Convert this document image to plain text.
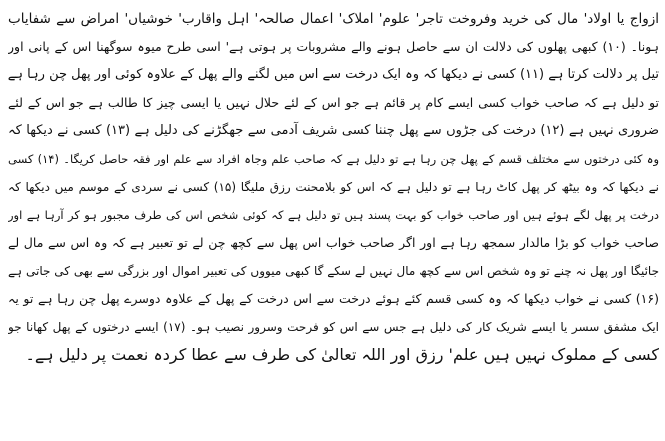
ازواج یا اولاد' مال کی خرید وفروخت تاجر' علوم' املاک' اعمال صالحہ' اہل واقارب' خوشیاں' امراض سے شفایاب
ہونا۔ (۱۰) کبھی پھلوں کی دلالت ان سے حاصل ہونے والے مشروبات پر ہوتی ہے' اسی طرح میوہ سوگھنا اس کے پانی اور
تیل پر دلالت کرتا ہے (۱۱) کسی نے دیکھا کہ وہ ایک درخت سے اس میں لگنے والے پھل کے علاوہ کوئی اور پھل چن رہا ہے
تو دلیل ہے کہ صاحب خواب کسی ایسے کام پر قائم ہے جو اس کے لئے حلال نہیں یا ایسی چیز کا طالب ہے جو اس کے لئے
ضروری نہیں ہے (۱۲) درخت کی جڑوں سے پھل چننا کسی شریف آدمی سے جھگڑنے کی دلیل ہے (۱۳) کسی نے دیکھا کہ
وہ کئی درختوں سے مختلف قسم کے پھل چن رہا ہے تو دلیل ہے کہ صاحب علم وجاہ افراد سے علم اور فقہ حاصل کریگا۔ (۱۴) کسی
نے دیکھا کہ وہ بیٹھ کر پھل کاٹ رہا ہے تو دلیل ہے کہ اس کو بلامحنت رزق ملیگا (۱۵) کسی نے سردی کے موسم میں دیکھا کہ
درخت پر پھل لگے ہوئے ہیں اور صاحب خواب کو بہت پسند ہیں تو دلیل ہے کہ کوئی شخص اس کی طرف مجبور ہو کر آرہا ہے اور
صاحب خواب کو بڑا مالدار سمجھ رہا ہے اور اگر صاحب خواب اس پھل سے کچھ چن لے تو تعبیر ہے کہ وہ اس سے مال لے
جائیگا اور پھل نہ چنے تو وہ شخص اس سے کچھ مال نہیں لے سکے گا کبھی میووں کی تعبیر اموال اور بزرگی سے بھی کی جاتی ہے
(۱۶) کسی نے خواب دیکھا کہ وہ کسی قسم کئے ہوئے درخت سے اس درخت کے پھل کے علاوہ دوسرے پھل چن رہا ہے تو یہ
ایک مشفق سسر یا ایسے شریک کار کی دلیل ہے جس سے اس کو فرحت وسرور نصیب ہو۔ (۱۷) ایسے درختوں کے پھل کھانا جو
کسی کے مملوک نہیں ہیں علم' رزق اور اللہ تعالیٰ کی طرف سے عطا کردہ نعمت پر دلیل ہے۔
